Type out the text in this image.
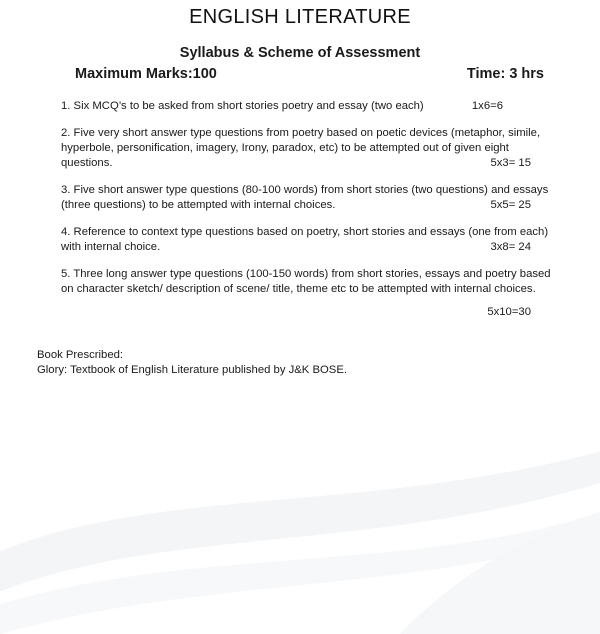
ENGLISH LITERATURE
Syllabus & Scheme of Assessment
Maximum Marks:100	Time: 3 hrs

1. Six MCQ’s to be asked from short stories poetry and essay (two each)	1x6=6

2. Five very short answer type questions from poetry based on poetic devices (metaphor, simile, hyperbole, personification, imagery, Irony, paradox, etc) to be attempted out of given eight questions.	5x3= 15

3. Five short answer type questions (80-100 words) from short stories (two questions) and essays (three questions) to be attempted with internal choices.	5x5= 25

4. Reference to context type questions based on poetry, short stories and essays (one from each) with internal choice.	3x8= 24

5. Three long answer type questions (100-150 words) from short stories, essays and poetry based on character sketch/ description of scene/ title, theme etc to be attempted with internal choices.

5x10=30
Book Prescribed:
Glory: Textbook of English Literature published by J&K BOSE.
